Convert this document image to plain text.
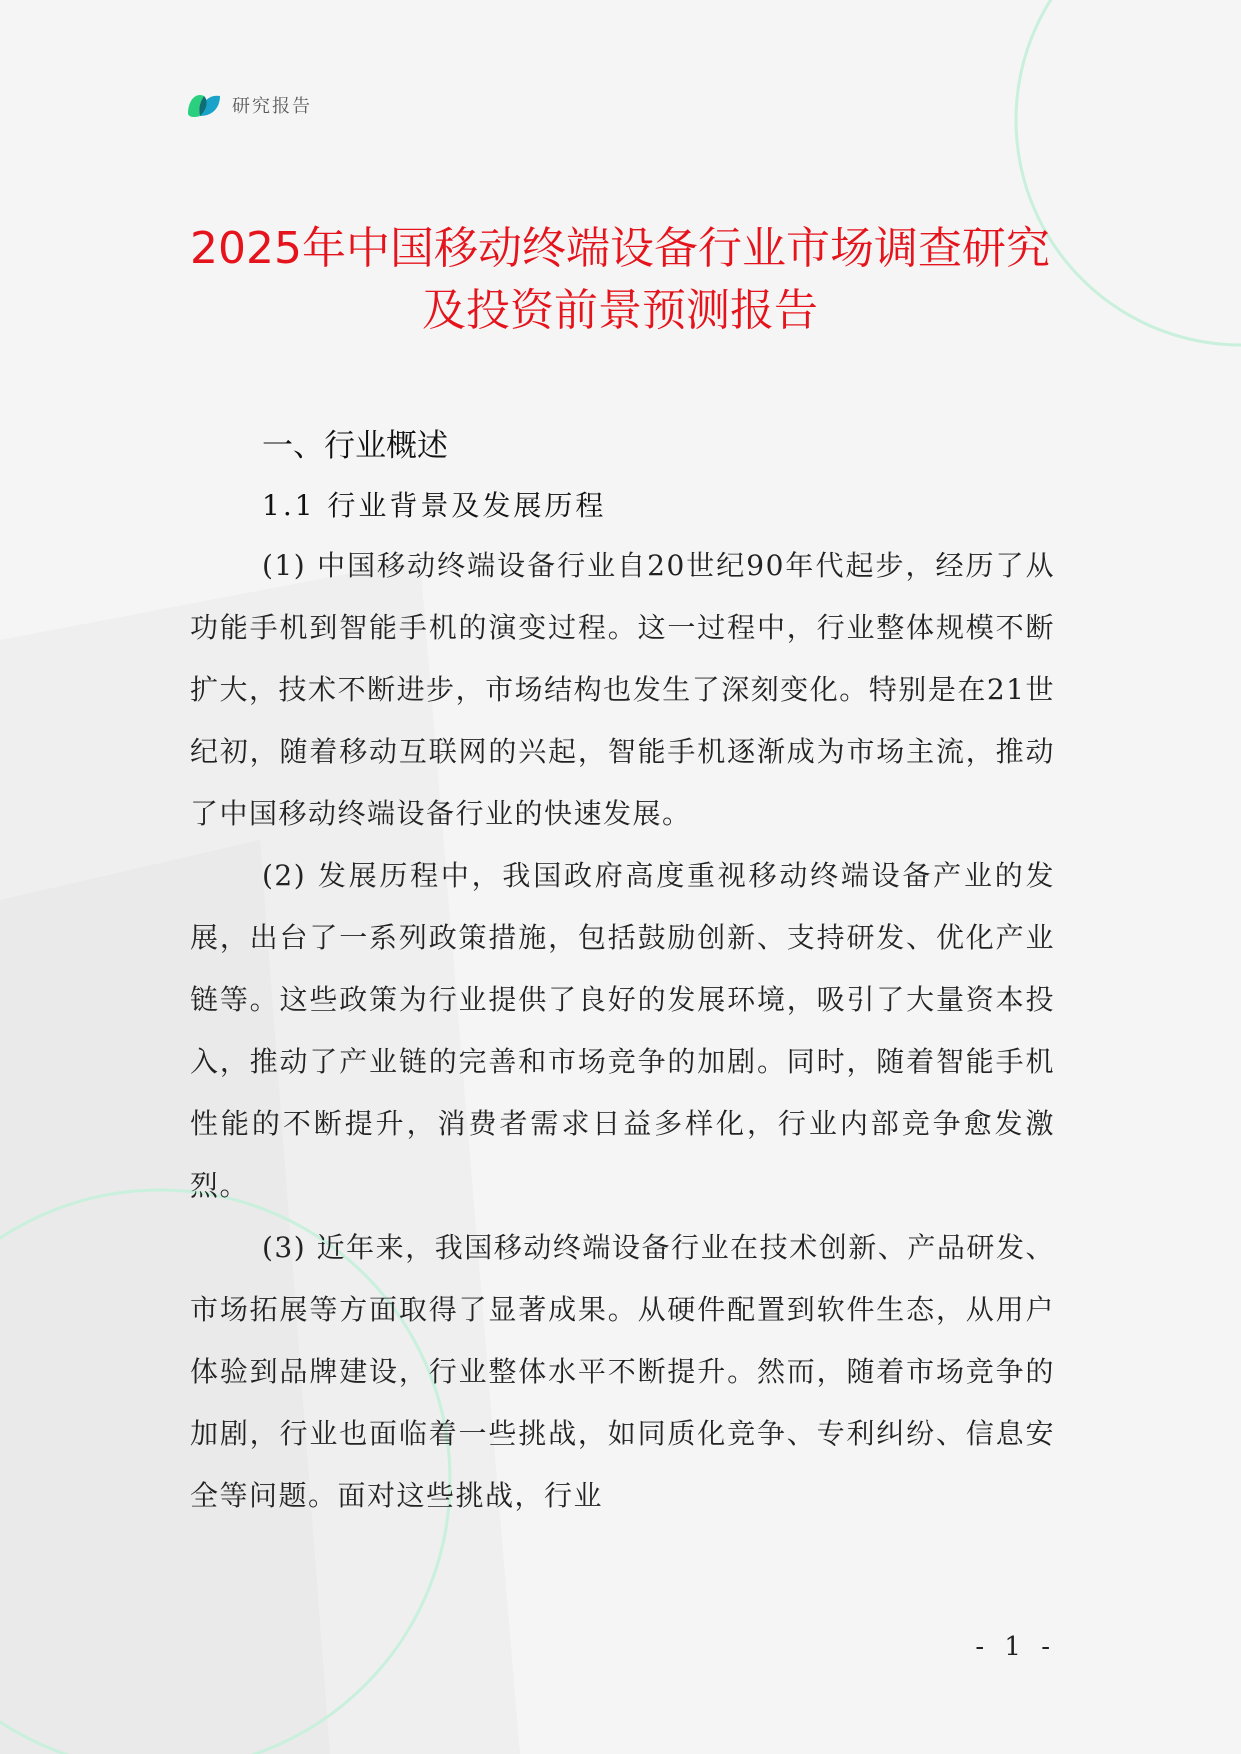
研究报告
2025年中国移动终端设备行业市场调查研究及投资前景预测报告
一、行业概述
1.1 行业背景及发展历程

(1) 中国移动终端设备行业自20世纪90年代起步，经历了从功能手机到智能手机的演变过程。这一过程中，行业整体规模不断扩大，技术不断进步，市场结构也发生了深刻变化。特别是在21世纪初，随着移动互联网的兴起，智能手机逐渐成为市场主流，推动了中国移动终端设备行业的快速发展。

(2) 发展历程中，我国政府高度重视移动终端设备产业的发展，出台了一系列政策措施，包括鼓励创新、支持研发、优化产业链等。这些政策为行业提供了良好的发展环境，吸引了大量资本投入，推动了产业链的完善和市场竞争的加剧。同时，随着智能手机性能的不断提升，消费者需求日益多样化，行业内部竞争愈发激烈。

(3) 近年来，我国移动终端设备行业在技术创新、产品研发、市场拓展等方面取得了显著成果。从硬件配置到软件生态，从用户体验到品牌建设，行业整体水平不断提升。然而，随着市场竞争的加剧，行业也面临着一些挑战，如同质化竞争、专利纠纷、信息安全等问题。面对这些挑战，行业

- 1 -
